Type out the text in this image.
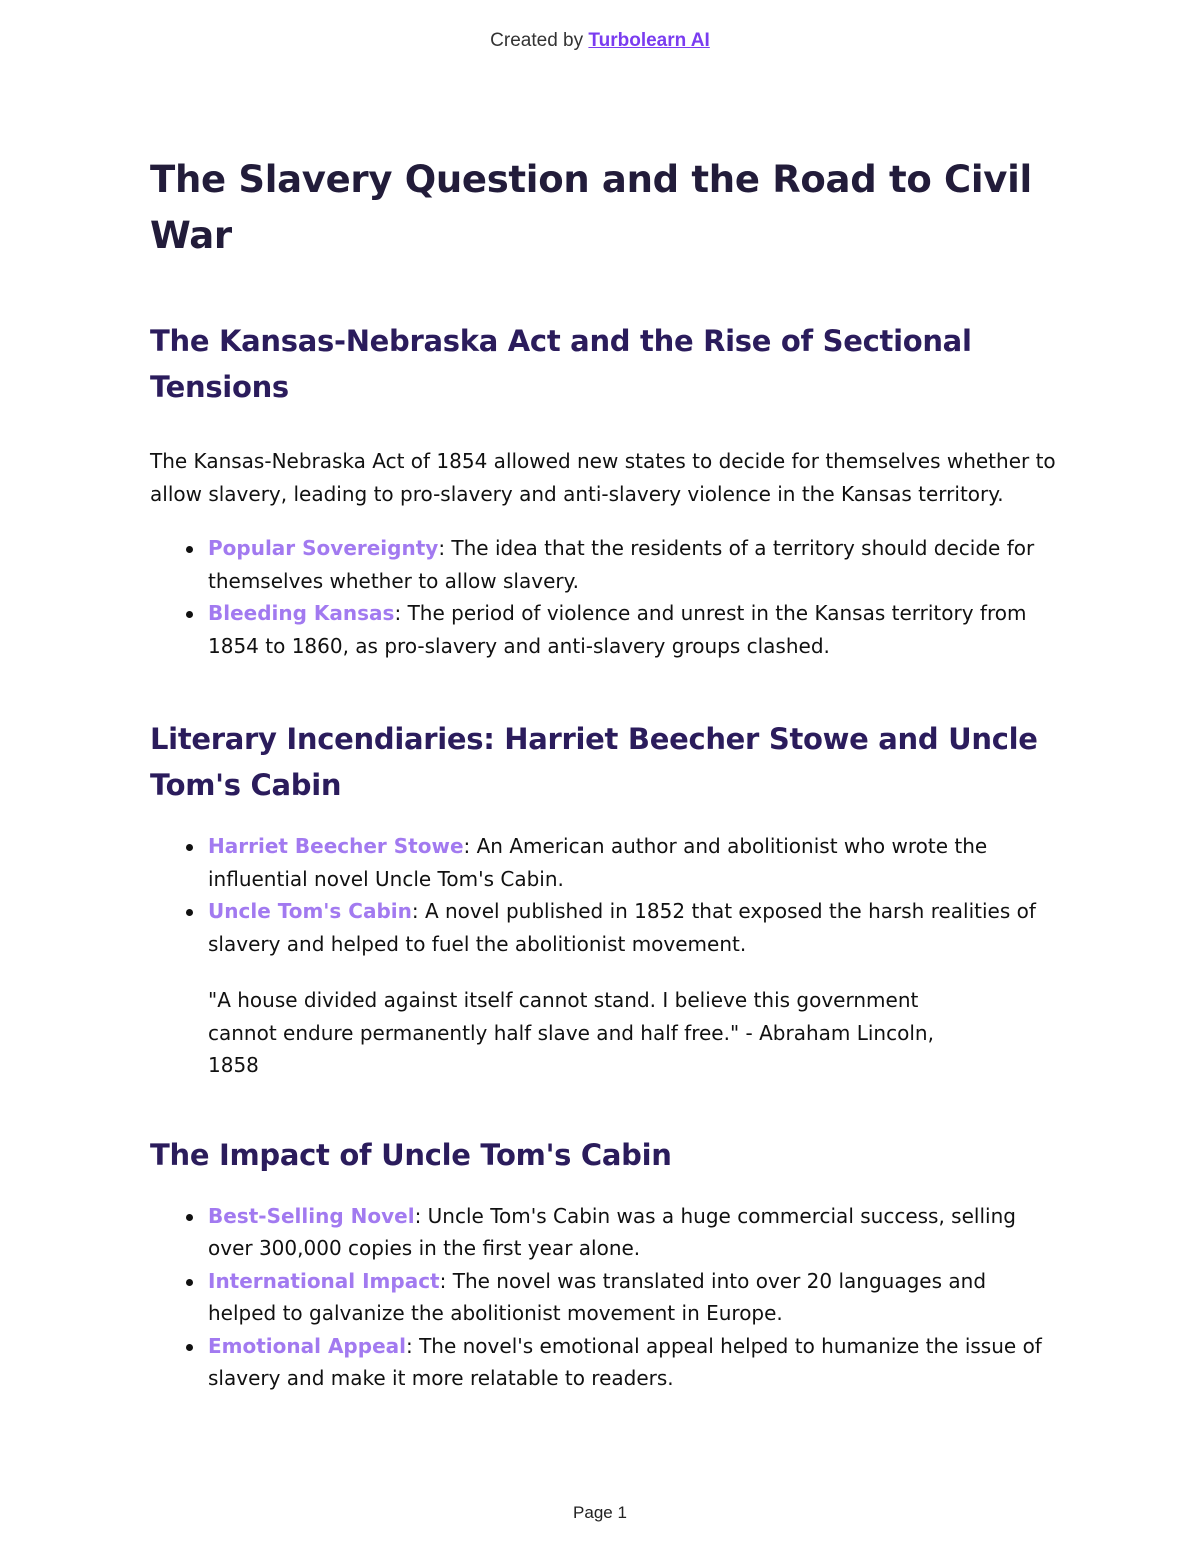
Created by Turbolearn AI
The Slavery Question and the Road to Civil War
The Kansas-Nebraska Act and the Rise of Sectional Tensions

The Kansas-Nebraska Act of 1854 allowed new states to decide for themselves whether to allow slavery, leading to pro-slavery and anti-slavery violence in the Kansas territory.

Popular Sovereignty: The idea that the residents of a territory should decide for themselves whether to allow slavery.
Bleeding Kansas: The period of violence and unrest in the Kansas territory from 1854 to 1860, as pro-slavery and anti-slavery groups clashed.
Literary Incendiaries: Harriet Beecher Stowe and Uncle Tom's Cabin
Harriet Beecher Stowe: An American author and abolitionist who wrote the influential novel Uncle Tom's Cabin.
Uncle Tom's Cabin: A novel published in 1852 that exposed the harsh realities of slavery and helped to fuel the abolitionist movement.
"A house divided against itself cannot stand. I believe this government cannot endure permanently half slave and half free." - Abraham Lincoln, 1858
The Impact of Uncle Tom's Cabin
Best-Selling Novel: Uncle Tom's Cabin was a huge commercial success, selling over 300,000 copies in the first year alone.
International Impact: The novel was translated into over 20 languages and helped to galvanize the abolitionist movement in Europe.
Emotional Appeal: The novel's emotional appeal helped to humanize the issue of slavery and make it more relatable to readers.
Page 1
